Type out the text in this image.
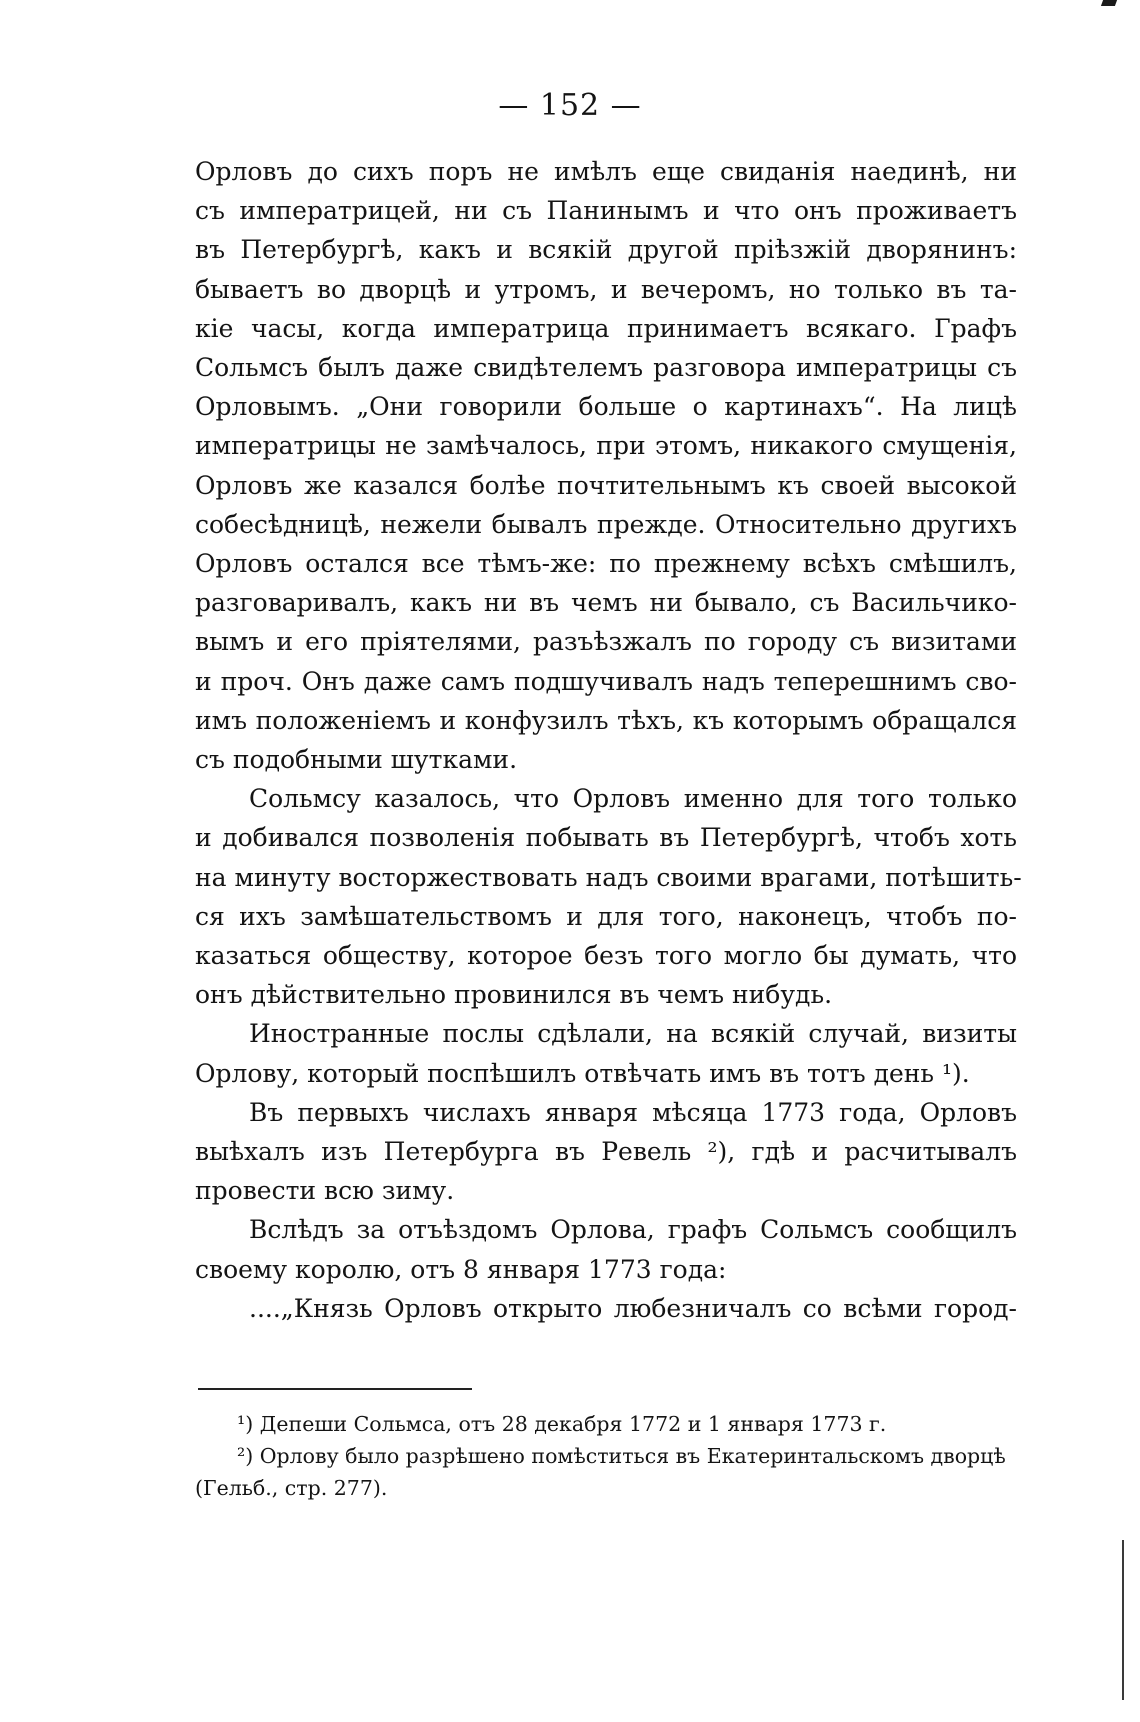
— 152 —
Орловъ до сихъ поръ не имѣлъ еще свиданія наединѣ, ни
съ императрицей, ни съ Панинымъ и что онъ проживаетъ
въ Петербургѣ, какъ и всякій другой пріѣзжій дворянинъ:
бываетъ во дворцѣ и утромъ, и вечеромъ, но только въ та-
кіе часы, когда императрица принимаетъ всякаго. Графъ
Сольмсъ былъ даже свидѣтелемъ разговора императрицы съ
Орловымъ. „Они говорили больше о картинахъ“. На лицѣ
императрицы не замѣчалось, при этомъ, никакого смущенія,
Орловъ же казался болѣе почтительнымъ къ своей высокой
собесѣдницѣ, нежели бывалъ прежде. Относительно другихъ
Орловъ остался все тѣмъ-же: по прежнему всѣхъ смѣшилъ,
разговаривалъ, какъ ни въ чемъ ни бывало, съ Васильчико-
вымъ и его пріятелями, разъѣзжалъ по городу съ визитами
и проч. Онъ даже самъ подшучивалъ надъ теперешнимъ сво-
имъ положеніемъ и конфузилъ тѣхъ, къ которымъ обращался
съ подобными шутками.
Сольмсу казалось, что Орловъ именно для того только
и добивался позволенія побывать въ Петербургѣ, чтобъ хоть
на минуту восторжествовать надъ своими врагами, потѣшить-
ся ихъ замѣшательствомъ и для того, наконецъ, чтобъ по-
казаться обществу, которое безъ того могло бы думать, что
онъ дѣйствительно провинился въ чемъ нибудь.
Иностранные послы сдѣлали, на всякій случай, визиты
Орлову, который поспѣшилъ отвѣчать имъ въ тотъ день ¹).
Въ первыхъ числахъ января мѣсяца 1773 года, Орловъ
выѣхалъ изъ Петербурга въ Ревель ²), гдѣ и расчитывалъ
провести всю зиму.
Вслѣдъ за отъѣздомъ Орлова, графъ Сольмсъ сообщилъ
своему королю, отъ 8 января 1773 года:
....„Князь Орловъ открыто любезничалъ со всѣми город-
¹) Депеши Сольмса, отъ 28 декабря 1772 и 1 января 1773 г.
²) Орлову было разрѣшено помѣститься въ Екатеринтальскомъ дворцѣ
(Гельб., стр. 277).
